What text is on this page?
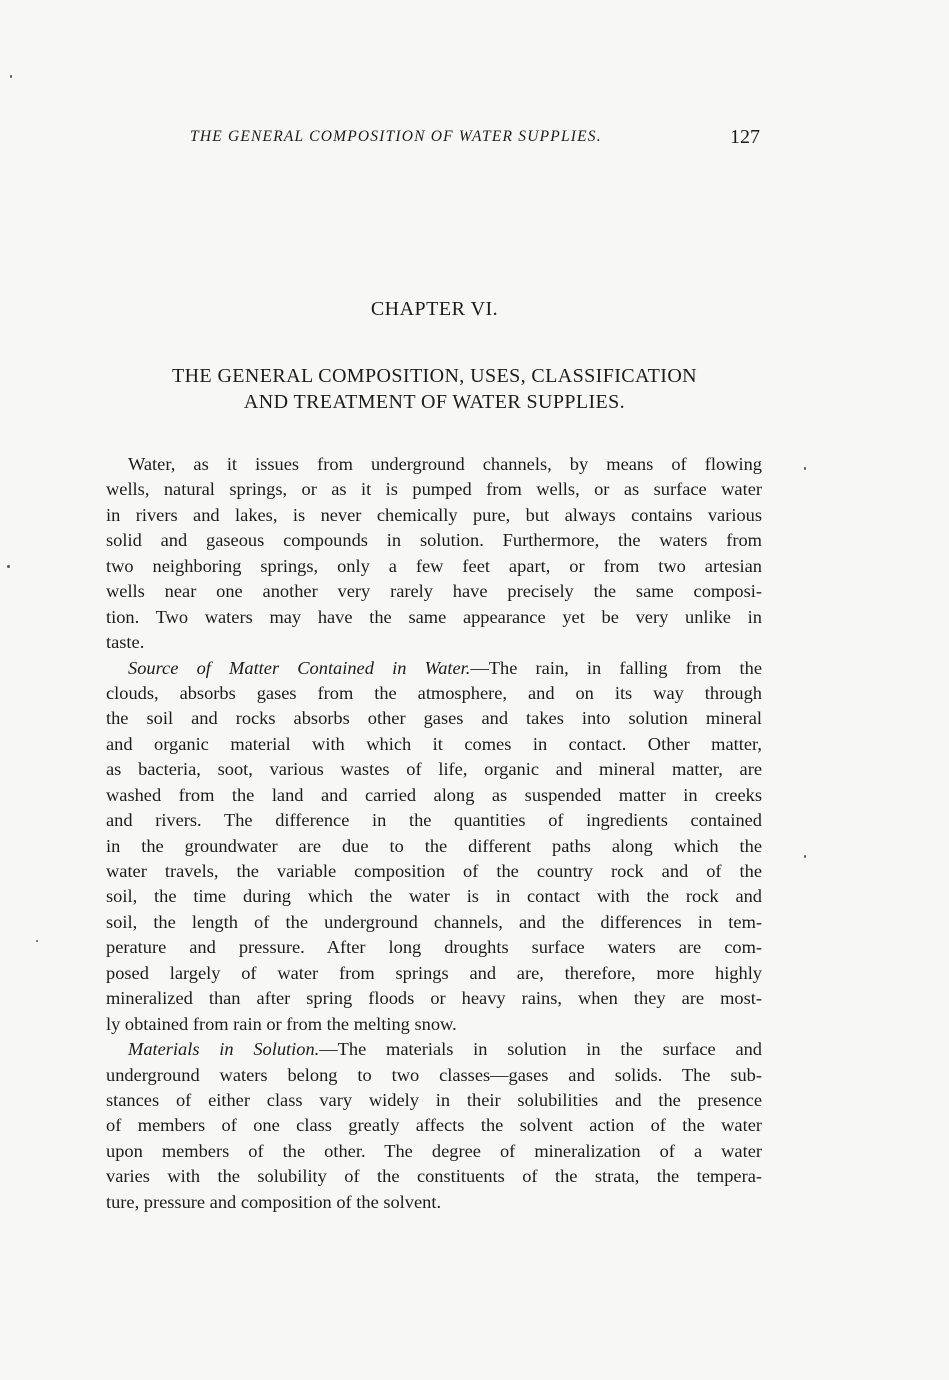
THE GENERAL COMPOSITION OF WATER SUPPLIES.	127
CHAPTER VI.
THE GENERAL COMPOSITION, USES, CLASSIFICATION
AND TREATMENT OF WATER SUPPLIES.
Water, as it issues from underground channels, by means of flowing
wells, natural springs, or as it is pumped from wells, or as surface water
in rivers and lakes, is never chemically pure, but always contains various
solid and gaseous compounds in solution. Furthermore, the waters from
two neighboring springs, only a few feet apart, or from two artesian
wells near one another very rarely have precisely the same composi-
tion. Two waters may have the same appearance yet be very unlike in
taste.
Source of Matter Contained in Water.—The rain, in falling from the
clouds, absorbs gases from the atmosphere, and on its way through
the soil and rocks absorbs other gases and takes into solution mineral
and organic material with which it comes in contact. Other matter,
as bacteria, soot, various wastes of life, organic and mineral matter, are
washed from the land and carried along as suspended matter in creeks
and rivers. The difference in the quantities of ingredients contained
in the groundwater are due to the different paths along which the
water travels, the variable composition of the country rock and of the
soil, the time during which the water is in contact with the rock and
soil, the length of the underground channels, and the differences in tem-
perature and pressure. After long droughts surface waters are com-
posed largely of water from springs and are, therefore, more highly
mineralized than after spring floods or heavy rains, when they are most-
ly obtained from rain or from the melting snow.
Materials in Solution.—The materials in solution in the surface and
underground waters belong to two classes—gases and solids. The sub-
stances of either class vary widely in their solubilities and the presence
of members of one class greatly affects the solvent action of the water
upon members of the other. The degree of mineralization of a water
varies with the solubility of the constituents of the strata, the tempera-
ture, pressure and composition of the solvent.
